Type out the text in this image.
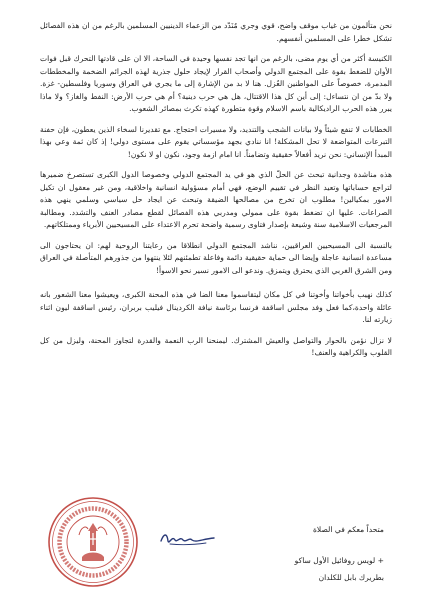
نحن متألمون من غياب موقف واضح، قوي وجري مُنَدّد من الزعماء الدينيين المسلمين بالرغم من ان هذه الفصائل تشكل خطرا على المسلمين أنفسهم.

الكنيسة أكثر من أي يوم مضى، بالرغم من انها تجد نفسها وحيدة في الساحة، الا ان على قادتها التحرك قبل فوات الأوان للضغط بقوة على المجتمع الدولي وأصحاب القرار لإيجاد حلول جذرية لهذه الجرائم الضخمة والمخططات المدمرة، خصوصاً على المواطنين العُزل. هنا لا بد من الإشارة إلى ما يجري في العراق وسوريا وفلسطين- غزة. ولا بدّ من ان نتساءل: إلى أين كل هذا الاقتتال، هل هي حرب دينية؟ أم هي حرب الأرض: النفط والغاز؟ ولا ماذا يبرر هذه الحرب الراديكالية باسم الاسلام وقوة متطورة كهذه تكرث بمصائر الشعوب.

الخطابات لا تنفع شيئاً ولا بيانات الشجب والتنديد، ولا مسيرات احتجاج. مع تقديرنا لسخاء الذين يعطون، فإن حفنة التبرعات المتواضعة لا تحل المشكلة! انا ننادي بجهد مؤسساتي يقوم على مستوى دولي! إذ كان ثمة وعي بهذا المبدأ الإنساني: نحن نريد أفعالاً حقيقية وتضامناً. انا امام ازمة وجود، نكون او لا نكون!

هذه مناشدة وجدانية تبحث عن الحلّ الذي هو في يد المجتمع الدولي وخصوصا الدول الكبرى تستصرخ ضميرها لتراجع حساباتها وتعيد النظر في تقييم الوضع، فهي أمام مسؤولية انسانية واخلاقية، ومن غير معقول ان تكيل الامور بمكيالين! مطلوب ان تخرج من مصالحها الضيقة وتبحث عن ايجاد حل سياسي وسلمي ينهي هذه الصراعات. عليها ان تضغط بقوة على ممولي ومدربي هذه الفصائل لقطع مصادر العنف والتشدد. ومطالبة المرجعيات الاسلامية سنة وشيعة بإصدار فتاوى رسمية واضحة تحرم الاعتداء على المسيحيين الأبرياء وممتلكاتهم.

بالنسبة الى المسيحيين العراقيين، نناشد المجتمع الدولي انطلاقا من رعايتنا الروحية لهم: ان يحتاجون الى مساعدة انسانية عاجلة وإيضا الى حماية حقيقية دائمة وفاعلة تطمئنهم لئلا ينتهوا من جذورهم المتأصلة في العراق ومن الشرق الغربي الذي يحترق ويتمزق. وندعو الى الامور نسير نحو الاسوأ!

كذلك نهيب بأخواتنا وأخوتنا في كل مكان ليتقاسموا معنا الضا في هذه المحنة الكبرى، ويعيشوا معنا الشعور بانه عائلة واحدة،كما فعل وفد مجلس اساقفة فرنسا برئاسة نيافة الكردينال فيليب بربران، رئيس اساقفة ليون اثناء زيارته لنا.

لا نزال نؤمن بالحوار والتواصل والعيش المشترك. ليمنحنا الرب النعمة والقدرة لتجاوز المحنة، وليزل من كل القلوب والكراهية والعنف!

متحداً معكم في الصلاة
+ لويس روفائيل الأول ساكو
بطريرك بابل للكلدان
